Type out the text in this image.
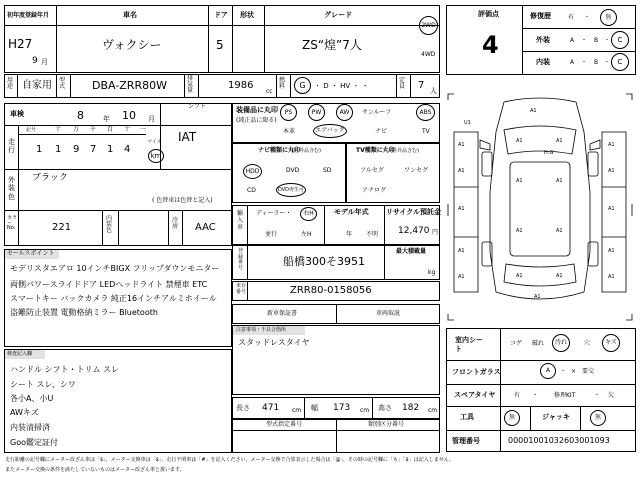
初年度登録年月
H27
9 月
車名
ヴォクシー
ドア
5
形状	グレード
ZS“煌”7人
2WD
4WD
用途 自家用 型式 DBA-ZRR80W
排気量	1986
cc
燃料 G ・ D ・ HV ・ ・
定員 7 人
車検	8	年 10 月
シフト
IAT
走行
記号	十 万 千 百 十 一
1 1 9 7 1 4
マイル
km
外装色
ブラック
( 色替車は色替と記入)
カラー No.	221
内装色
冷房 AAC
装備品に丸印
(純正品に限る)
PS	PW	AW サンルーフ	ABS
本革	エアバック	ナビ	TV
ナビ種類に丸印
(社外品含む)
HDD	DVD	SD
CD	DVD再生可
TV種類に丸印
(社外品含む)
フルセグ	ワンセグ
アナログ
輸入車
ディーラー・ 右H
並行	左H
モデル年式
年 不明
リサイクル預託金
12,470 円
登録番号	船橋300そ3951
最大積載量
kg
車台番号	ZRR80-0158056
セールスポイント
モデリスタエアロ 10インチBIGX フリップダウンモニター
両側パワースライドドア LEDヘッドライト 禁煙車 ETC
スマートキー バックカメラ 純正16インチアルミホイール
盗難防止装置 電動格納ミラー Bluetooth	新車保証書	車両取説
注意事項・不具合箇所
スタッドレスタイヤ
検査記入欄
ハンドル シフト・トリム スレ
シート スレ、シワ
各小A、小U
AWキズ
内装清掃済
Goo鑑定証付
長さ 471 cm 幅 173 cm 高さ 182 cm
型式指定番号	類別区分番号
評価点
4
修復歴	有 ・	無
外装	A ・ B ・ C
内装	A ・ B ・ C
U1
A1
A1	A1
A1	A1
A1	A1
A1	A1
A1	A1
A1	A1
A1	A1
A1	A1
A1	A1
A1
H:G
室内シート
コゲ 破れ 汚れ	穴	キズ
フロントガラス	A ・ × 要交
スペアタイヤ	有 ・	修理KIT	・ 欠
工具	無	ジャッキ	無
管理番号	00001001032603001093
走行距離の記号欄にメーター改ざん車は「$」、メーター交換車は「$」、走行不明車は「#」を記入ください。メーター交換で合算表示した場合は「@」、その時の記号欄に「も」「$」は記入しません。
またメーター交換の条件を満たしていないものはメーター改ざん車と扱います。
